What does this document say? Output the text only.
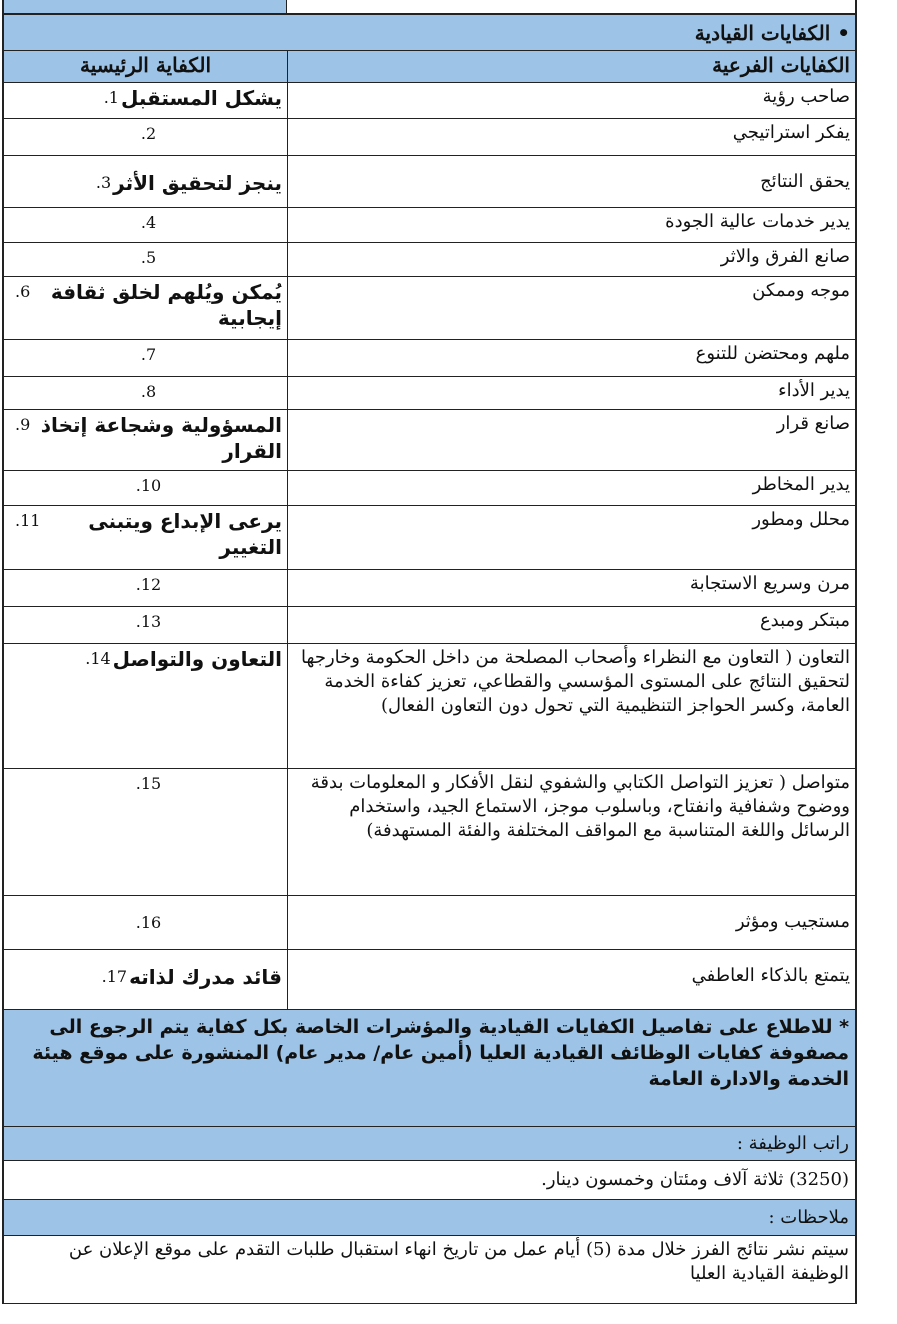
• الكفايات القيادية
الكفايات الفرعية
الكفاية الرئيسية
صاحب رؤية
يشكل المستقبل
1.
يفكر استراتيجي
2.
يحقق النتائج
ينجز لتحقيق الأثر
3.
يدير خدمات عالية الجودة
4.
صانع الفرق والاثر
5.
موجه وممكن
يُمكن ويُلهم لخلق ثقافة إيجابية
6.
ملهم ومحتضن للتنوع
7.
يدير الأداء
8.
صانع قرار
المسؤولية وشجاعة إتخاذ القرار
9.
يدير المخاطر
10.
محلل ومطور
يرعى الإبداع ويتبنى التغيير
11.
مرن وسريع الاستجابة
12.
مبتكر ومبدع
13.
التعاون ( التعاون مع النظراء وأصحاب المصلحة من داخل الحكومة وخارجها لتحقيق النتائج على المستوى المؤسسي والقطاعي، تعزيز كفاءة الخدمة العامة، وكسر الحواجز التنظيمية التي تحول دون التعاون الفعال)
التعاون والتواصل
14.
متواصل ( تعزيز التواصل الكتابي والشفوي لنقل الأفكار و المعلومات بدقة ووضوح وشفافية وانفتاح، وباسلوب موجز، الاستماع الجيد، واستخدام الرسائل واللغة المتناسبة مع المواقف المختلفة والفئة المستهدفة)
15.
مستجيب ومؤثر
16.
يتمتع بالذكاء العاطفي
قائد مدرك لذاته
17.
* للاطلاع على تفاصيل الكفايات القيادية والمؤشرات الخاصة بكل كفاية يتم الرجوع الى مصفوفة كفايات الوظائف القيادية العليا (أمين عام/ مدير عام) المنشورة على موقع هيئة الخدمة والادارة العامة
راتب الوظيفة :
(3250) ثلاثة آلاف ومئتان وخمسون دينار.
ملاحظات :
سيتم نشر نتائج الفرز خلال مدة (5) أيام عمل من تاريخ انهاء استقبال طلبات التقدم على موقع الإعلان عن الوظيفة القيادية العليا
